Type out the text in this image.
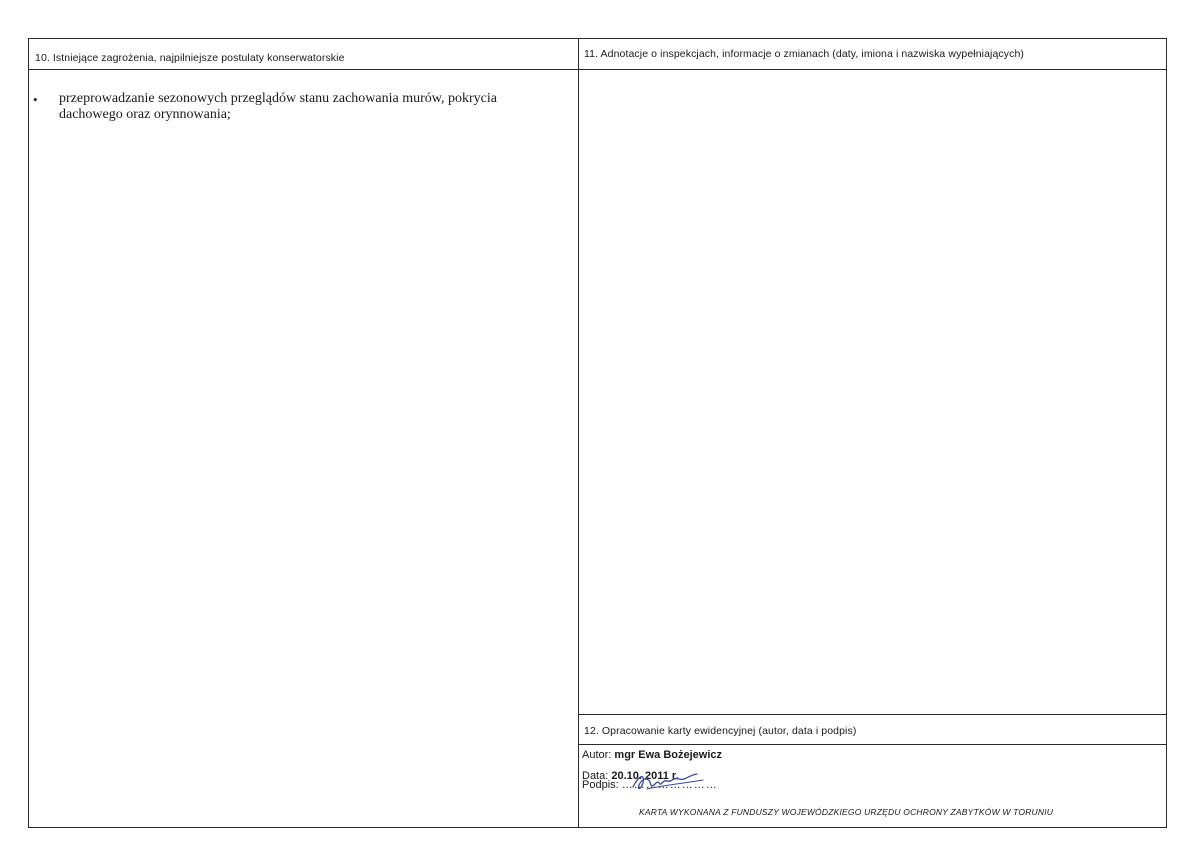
10. Istniejące zagrożenia, najpilniejsze postulaty konserwatorskie
• przeprowadzanie sezonowych przeglądów stanu zachowania murów, pokrycia dachowego oraz orynnowania;
11. Adnotacje o inspekcjach, informacje o zmianach (daty, imiona i nazwiska wypełniających)
12. Opracowanie karty ewidencyjnej (autor, data i podpis)
Autor: mgr Ewa Bożejewicz
Data: 20.10. 2011 r.
Podpis: ……………………
KARTA WYKONANA Z FUNDUSZY WOJEWÓDZKIEGO URZĘDU OCHRONY ZABYTKÓW W TORUNIU
